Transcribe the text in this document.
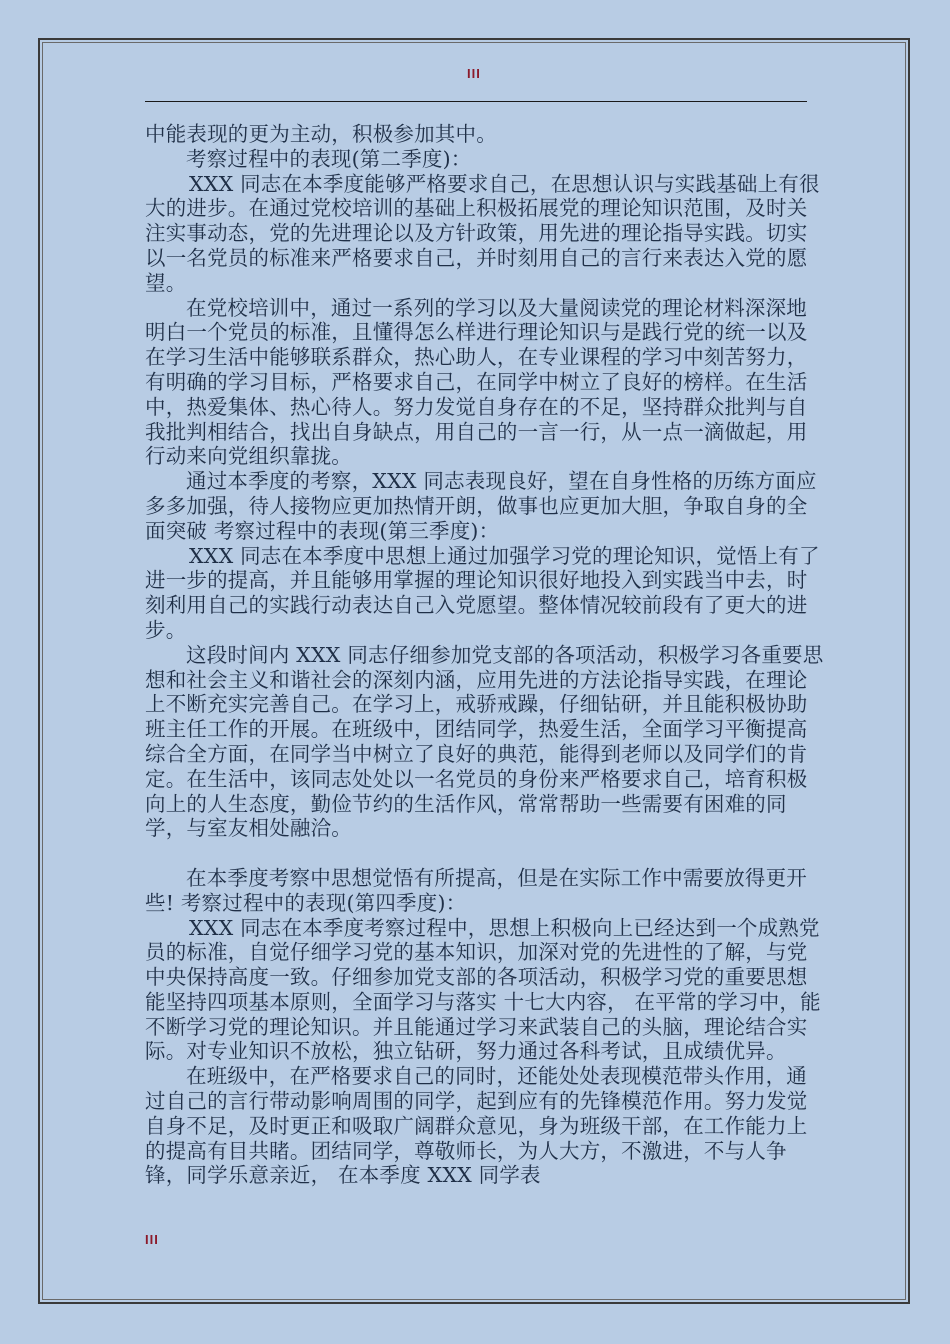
III

中能表现的更为主动，积极参加其中。

考察过程中的表现(第二季度)：

XXX 同志在本季度能够严格要求自己，在思想认识与实践基础上有很大的进步。在通过党校培训的基础上积极拓展党的理论知识范围，及时关注实事动态，党的先进理论以及方针政策，用先进的理论指导实践。切实以一名党员的标准来严格要求自己，并时刻用自己的言行来表达入党的愿望。

在党校培训中，通过一系列的学习以及大量阅读党的理论材料深深地明白一个党员的标准，且懂得怎么样进行理论知识与是践行党的统一以及在学习生活中能够联系群众，热心助人，在专业课程的学习中刻苦努力，有明确的学习目标，严格要求自己，在同学中树立了良好的榜样。在生活中，热爱集体、热心待人。努力发觉自身存在的不足，坚持群众批判与自我批判相结合，找出自身缺点，用自己的一言一行，从一点一滴做起，用行动来向党组织靠拢。

通过本季度的考察，XXX 同志表现良好，望在自身性格的历练方面应多多加强，待人接物应更加热情开朗，做事也应更加大胆，争取自身的全面突破 考察过程中的表现(第三季度)：

XXX 同志在本季度中思想上通过加强学习党的理论知识，觉悟上有了进一步的提高，并且能够用掌握的理论知识很好地投入到实践当中去，时刻利用自己的实践行动表达自己入党愿望。整体情况较前段有了更大的进步。

这段时间内 XXX 同志仔细参加党支部的各项活动，积极学习各重要思想和社会主义和谐社会的深刻内涵，应用先进的方法论指导实践，在理论上不断充实完善自己。在学习上，戒骄戒躁，仔细钻研，并且能积极协助班主任工作的开展。在班级中，团结同学，热爱生活，全面学习平衡提高综合全方面，在同学当中树立了良好的典范，能得到老师以及同学们的肯定。在生活中，该同志处处以一名党员的身份来严格要求自己，培育积极向上的人生态度，勤俭节约的生活作风，常常帮助一些需要有困难的同学，与室友相处融洽。

在本季度考察中思想觉悟有所提高，但是在实际工作中需要放得更开些! 考察过程中的表现(第四季度)：

XXX 同志在本季度考察过程中，思想上积极向上已经达到一个成熟党员的标准，自觉仔细学习党的基本知识，加深对党的先进性的了解，与党中央保持高度一致。仔细参加党支部的各项活动，积极学习党的重要思想能坚持四项基本原则，全面学习与落实 十七大内容， 在平常的学习中，能不断学习党的理论知识。并且能通过学习来武装自己的头脑，理论结合实际。对专业知识不放松，独立钻研，努力通过各科考试，且成绩优异。

在班级中，在严格要求自己的同时，还能处处表现模范带头作用，通过自己的言行带动影响周围的同学，起到应有的先锋模范作用。努力发觉自身不足，及时更正和吸取广阔群众意见，身为班级干部，在工作能力上的提高有目共睹。团结同学，尊敬师长，为人大方，不激进，不与人争锋，同学乐意亲近， 在本季度 XXX 同学表

III
